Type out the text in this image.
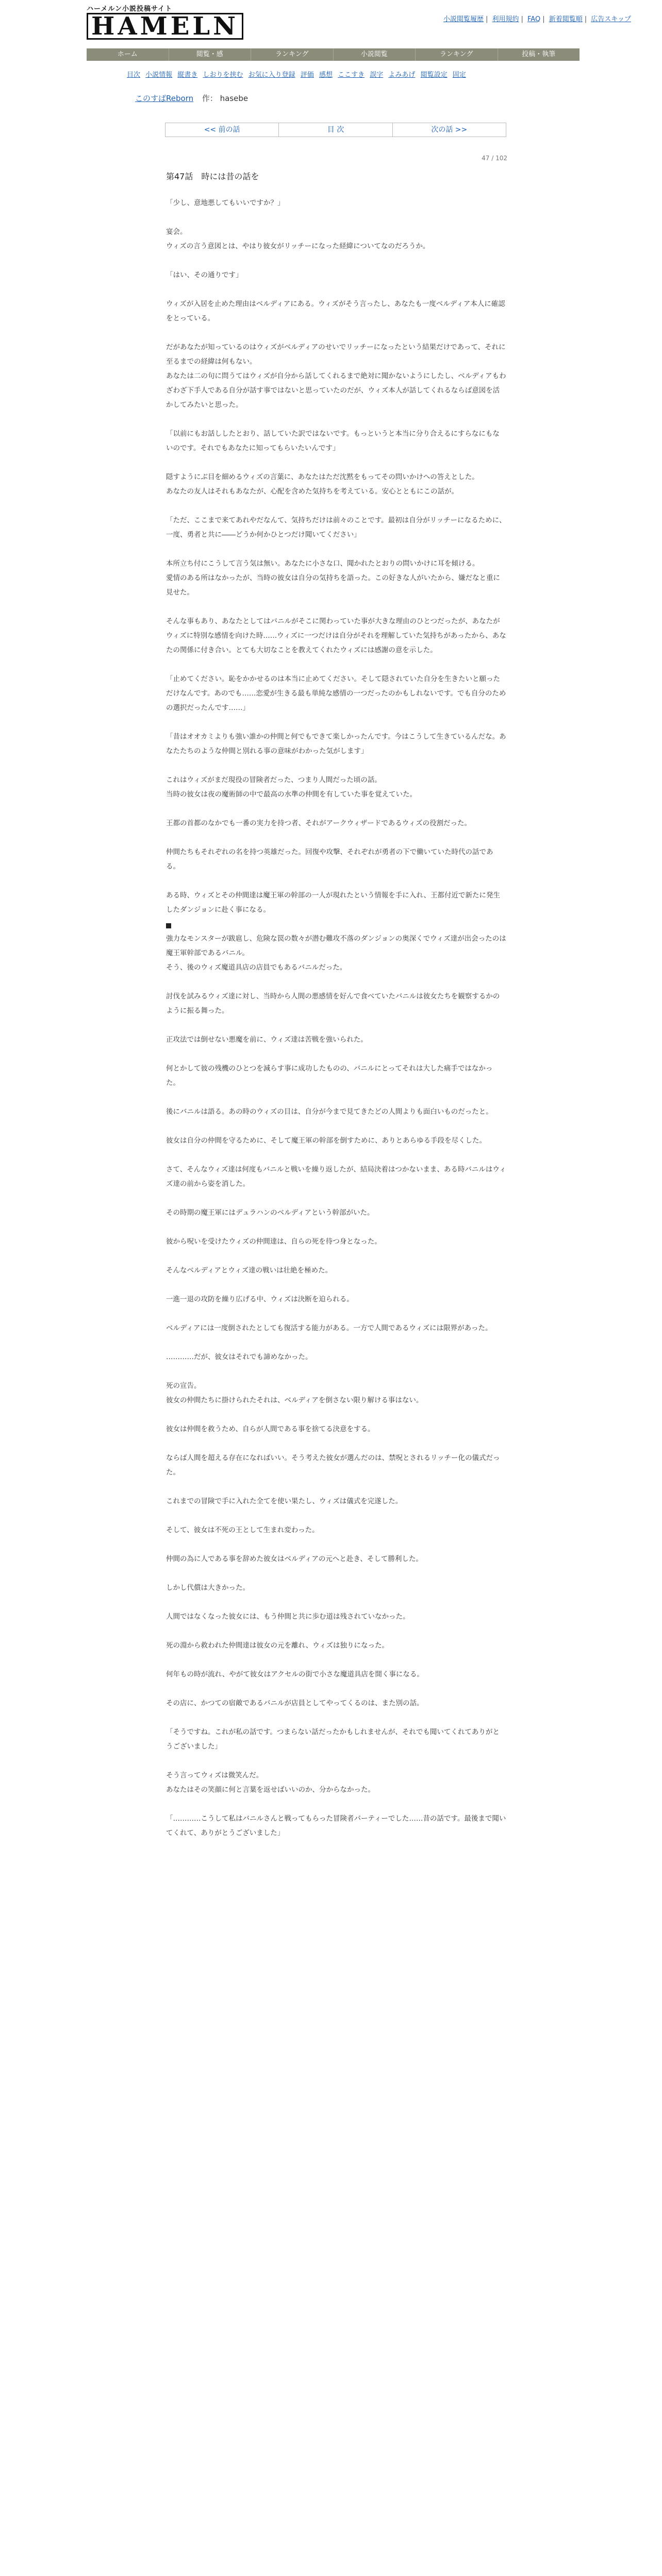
ハーメルン小説投稿サイト
HAMELN	小説閲覧履歴 | 利用規約 | FAQ | 新着閲覧順 | 広告スキップ
ホーム	閲覧・感	ランキング	小説閲覧	ランキング	投稿・執筆
目次 小説情報 縦書き しおりを挟む お気に入り登録 評価 感想 ここすき 誤字 よみあげ 閲覧設定 固定
このすばReborn 作： hasebe
<< 前の話	目 次	次の話 >>
47 / 102
第47話　時には昔の話を

「少し、意地悪してもいいですか？」

宴会。
ウィズの言う意図とは、やはり彼女がリッチーになった経緯についてなのだろうか。

「はい、その通りです」

ウィズが入居を止めた理由はベルディアにある。ウィズがそう言ったし、あなたも一度ベルディア本人に確認をとっている。

だがあなたが知っているのはウィズがベルディアのせいでリッチーになったという結果だけであって、それに至るまでの経緯は何もない。
あなたは二の句に問うてはウィズが自分から話してくれるまで絶対に聞かないようにしたし、ベルディアもわざわざ下手人である自分が話す事ではないと思っていたのだが、ウィズ本人が話してくれるならば意図を活かしてみたいと思った。

「以前にもお話ししたとおり、話していた訳ではないです。もっというと本当に分り合えるにすらなにもないのです。それでもあなたに知ってもらいたいんです」

隠すようにぶ目を細めるウィズの言葉に、あなたはただ沈黙をもってその問いかけへの答えとした。
あなたの友人はそれもあなたが、心配を含めた気持ちを考えている。安心とともにこの話が。

「ただ、ここまで来てあれやだなんて、気持ちだけは前々のことです。最初は自分がリッチーになるために、一度、勇者と共に――どうか何かひとつだけ聞いてください」

本所立ち付にこうして言う気は無い。あなたに小さな口、聞かれたとおりの問いかけに耳を傾ける。
愛情のある所はなかったが、当時の彼女は自分の気持ちを語った。この好きな人がいたから、嫌だなと重に見せた。

そんな事もあり、あなたとしてはバニルがそこに関わっていた事が大きな理由のひとつだったが、あなたがウィズに特別な感情を向けた時……ウィズに一つだけは自分がそれを理解していた気持ちがあったから、あなたの関係に付き合い。とても大切なことを教えてくれたウィズには感謝の意を示した。

「止めてください。恥をかかせるのは本当に止めてください。そして隠されていた自分を生きたいと願っただけなんです。あのでも……恋愛が生きる最も単純な感情の一つだったのかもしれないです。でも自分のための選択だったんです……」

「昔はオオカミよりも強い誰かの仲間と何でもできて楽しかったんです。今はこうして生きているんだな。あなたたちのような仲間と別れる事の意味がわかった気がします」

これはウィズがまだ現役の冒険者だった、つまり人間だった頃の話。
当時の彼女は夜の魔術師の中で最高の水準の仲間を有していた事を覚えていた。

王都の首都のなかでも一番の実力を持つ者、それがアークウィザードであるウィズの役割だった。

仲間たちもそれぞれの名を持つ英雄だった。回復や攻撃、それぞれが勇者の下で働いていた時代の話である。

ある時、ウィズとその仲間達は魔王軍の幹部の一人が現れたという情報を手に入れ、王都付近で新たに発生したダンジョンに赴く事になる。

強力なモンスターが跋扈し、危険な罠の数々が潜む難攻不落のダンジョンの奥深くでウィズ達が出会ったのは魔王軍幹部であるバニル。
そう、後のウィズ魔道具店の店員でもあるバニルだった。

討伐を試みるウィズ達に対し、当時から人間の悪感情を好んで食べていたバニルは彼女たちを観察するかのように振る舞った。

正攻法では倒せない悪魔を前に、ウィズ達は苦戦を強いられた。

何とかして彼の残機のひとつを減らす事に成功したものの、バニルにとってそれは大した痛手ではなかった。

後にバニルは語る。あの時のウィズの目は、自分が今まで見てきたどの人間よりも面白いものだったと。

彼女は自分の仲間を守るために、そして魔王軍の幹部を倒すために、ありとあらゆる手段を尽くした。

さて、そんなウィズ達は何度もバニルと戦いを繰り返したが、結局決着はつかないまま、ある時バニルはウィズ達の前から姿を消した。

その時期の魔王軍にはデュラハンのベルディアという幹部がいた。

彼から呪いを受けたウィズの仲間達は、自らの死を待つ身となった。

そんなベルディアとウィズ達の戦いは壮絶を極めた。

一進一退の攻防を繰り広げる中、ウィズは決断を迫られる。

ベルディアには一度倒されたとしても復活する能力がある。一方で人間であるウィズには限界があった。

…………だが、彼女はそれでも諦めなかった。

死の宣告。
彼女の仲間たちに掛けられたそれは、ベルディアを倒さない限り解ける事はない。

彼女は仲間を救うため、自らが人間である事を捨てる決意をする。

ならば人間を超える存在になればいい。そう考えた彼女が選んだのは、禁呪とされるリッチー化の儀式だった。

これまでの冒険で手に入れた全てを使い果たし、ウィズは儀式を完遂した。

そして、彼女は不死の王として生まれ変わった。

仲間の為に人である事を辞めた彼女はベルディアの元へと赴き、そして勝利した。

しかし代償は大きかった。

人間ではなくなった彼女には、もう仲間と共に歩む道は残されていなかった。

死の淵から救われた仲間達は彼女の元を離れ、ウィズは独りになった。

何年もの時が流れ、やがて彼女はアクセルの街で小さな魔道具店を開く事になる。

その店に、かつての宿敵であるバニルが店員としてやってくるのは、また別の話。

「そうですね。これが私の話です。つまらない話だったかもしれませんが、それでも聞いてくれてありがとうございました」

そう言ってウィズは微笑んだ。
あなたはその笑顔に何と言葉を返せばいいのか、分からなかった。

「…………こうして私はバニルさんと戦ってもらった冒険者パーティーでした……昔の話です。最後まで聞いてくれて、ありがとうございました」
